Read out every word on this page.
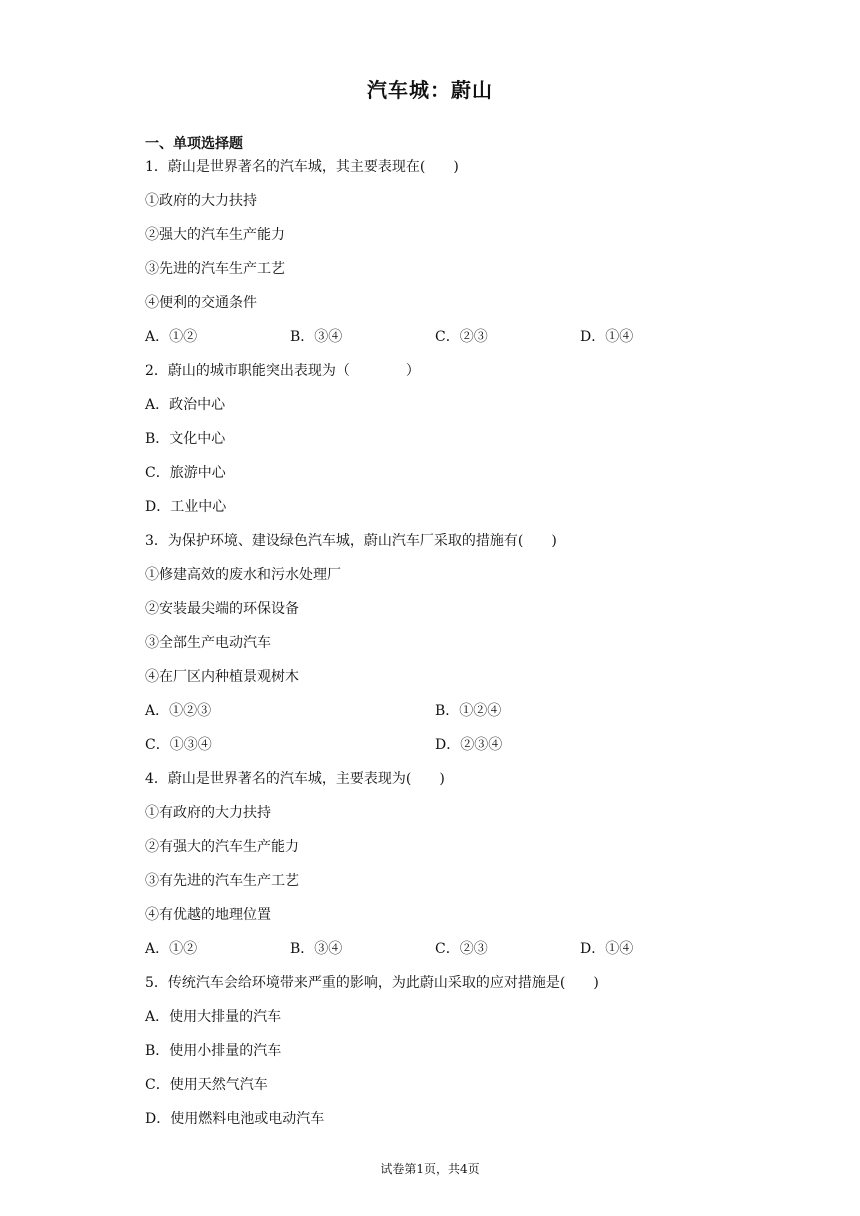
汽车城：蔚山
一、单项选择题
1．蔚山是世界著名的汽车城，其主要表现在(　　)
①政府的大力扶持
②强大的汽车生产能力
③先进的汽车生产工艺
④便利的交通条件
A．①②	B．③④	C．②③	D．①④
2．蔚山的城市职能突出表现为（　　　　）
A．政治中心
B．文化中心
C．旅游中心
D．工业中心
3．为保护环境、建设绿色汽车城，蔚山汽车厂采取的措施有(　　)
①修建高效的废水和污水处理厂
②安装最尖端的环保设备
③全部生产电动汽车
④在厂区内种植景观树木
A．①②③	B．①②④
C．①③④	D．②③④
4．蔚山是世界著名的汽车城，主要表现为(　　)
①有政府的大力扶持
②有强大的汽车生产能力
③有先进的汽车生产工艺
④有优越的地理位置
A．①②	B．③④	C．②③	D．①④
5．传统汽车会给环境带来严重的影响，为此蔚山采取的应对措施是(　　)
A．使用大排量的汽车
B．使用小排量的汽车
C．使用天然气汽车
D．使用燃料电池或电动汽车
试卷第1页，共4页
